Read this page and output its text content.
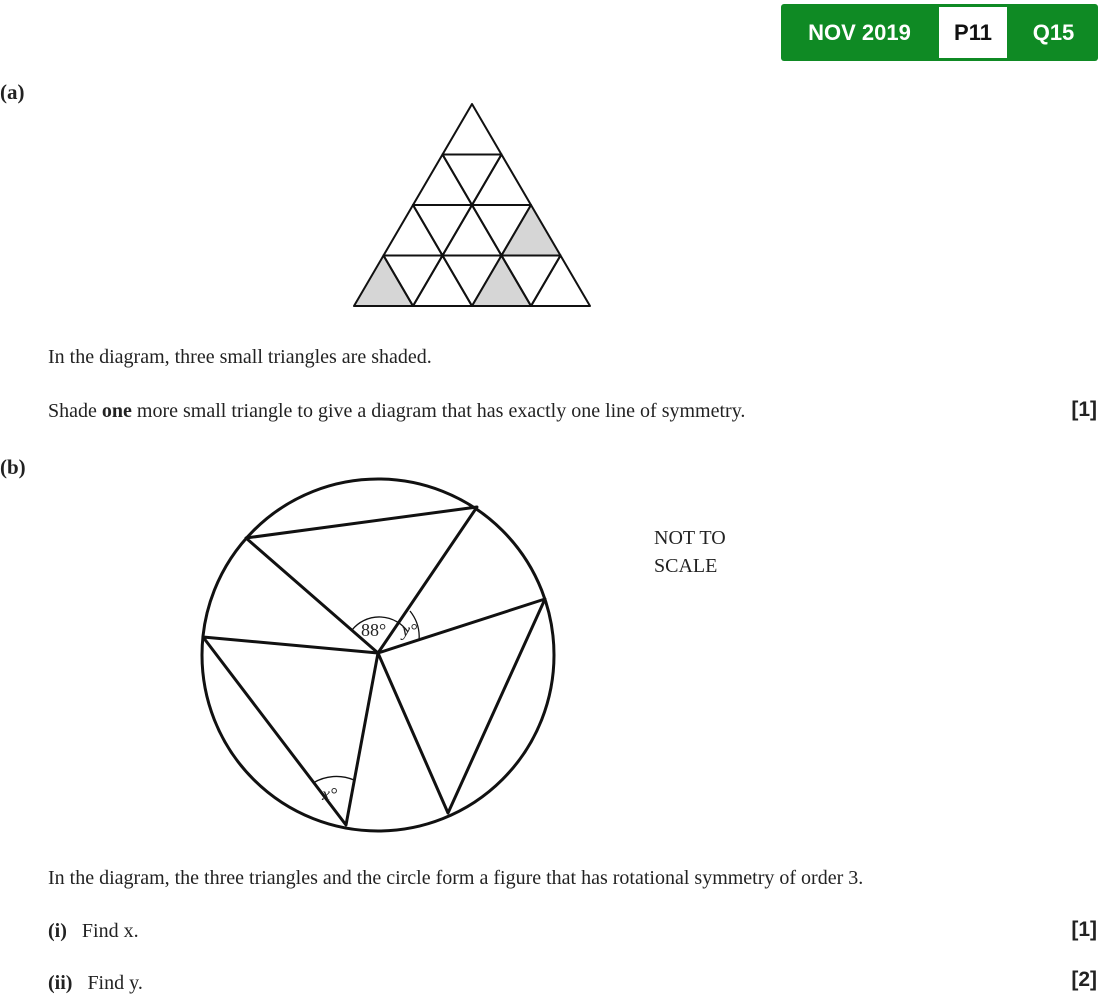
NOV 2019	P11	Q15
(a)
In the diagram, three small triangles are shaded.
Shade one more small triangle to give a diagram that has exactly one line of symmetry.	[1]
(b)
88° y°
x°
NOT TO
SCALE
In the diagram, the three triangles and the circle form a figure that has rotational symmetry of order 3.
(i) Find x.	[1]
(ii) Find y.	[2]
